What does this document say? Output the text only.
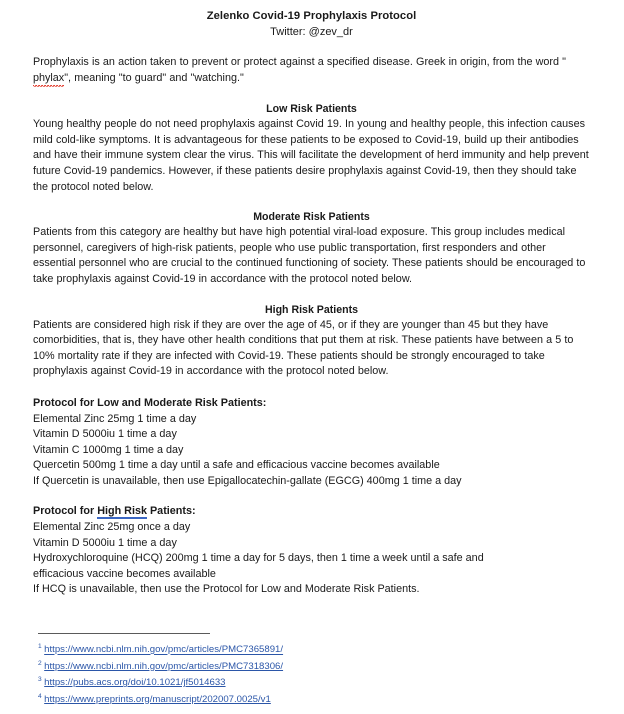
Zelenko Covid-19 Prophylaxis Protocol
Twitter: @zev_dr

Prophylaxis is an action taken to prevent or protect against a specified disease. Greek in origin, from the word "phylax", meaning "to guard" and "watching."

Low Risk Patients

Young healthy people do not need prophylaxis against Covid 19. In young and healthy people, this infection causes mild cold-like symptoms. It is advantageous for these patients to be exposed to Covid-19, build up their antibodies and have their immune system clear the virus. This will facilitate the development of herd immunity and help prevent future Covid-19 pandemics. However, if these patients desire prophylaxis against Covid-19, then they should take the protocol noted below.

Moderate Risk Patients

Patients from this category are healthy but have high potential viral-load exposure. This group includes medical personnel, caregivers of high-risk patients, people who use public transportation, first responders and other essential personnel who are crucial to the continued functioning of society. These patients should be encouraged to take prophylaxis against Covid-19 in accordance with the protocol noted below.

High Risk Patients

Patients are considered high risk if they are over the age of 45, or if they are younger than 45 but they have comorbidities, that is, they have other health conditions that put them at risk. These patients have between a 5 to 10% mortality rate if they are infected with Covid-19. These patients should be strongly encouraged to take prophylaxis against Covid-19 in accordance with the protocol noted below.

Protocol for Low and Moderate Risk Patients:
Elemental Zinc 25mg 1 time a day
Vitamin D 5000iu 1 time a day
Vitamin C 1000mg 1 time a day
Quercetin 500mg 1 time a day until a safe and efficacious vaccine becomes available
If Quercetin is unavailable, then use Epigallocatechin-gallate (EGCG) 400mg 1 time a day
Protocol for High Risk Patients:
Elemental Zinc 25mg once a day
Vitamin D 5000iu 1 time a day
Hydroxychloroquine (HCQ) 200mg 1 time a day for 5 days, then 1 time a week until a safe and
efficacious vaccine becomes available
If HCQ is unavailable, then use the Protocol for Low and Moderate Risk Patients.
$^1$ https://www.ncbi.nlm.nih.gov/pmc/articles/PMC7365891/
$^2$ https://www.ncbi.nlm.nih.gov/pmc/articles/PMC7318306/
$^3$ https://pubs.acs.org/doi/10.1021/jf5014633
$^4$ https://www.preprints.org/manuscript/202007.0025/v1
